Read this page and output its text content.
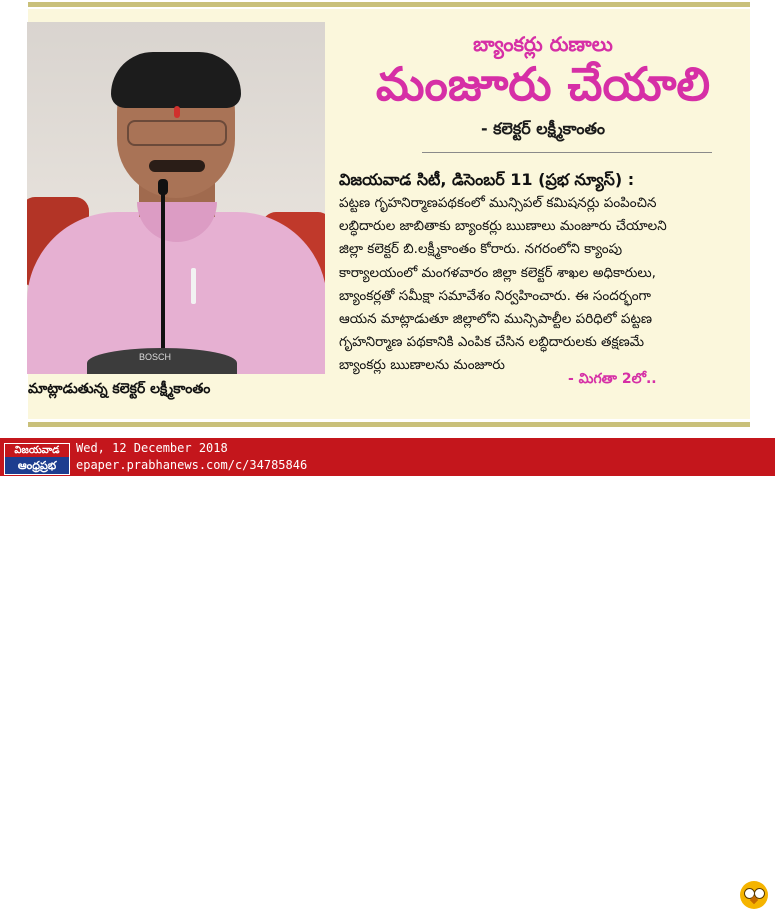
BOSCH
మాట్లాడుతున్న కలెక్టర్ లక్ష్మీకాంతం
బ్యాంకర్లు రుణాలు
మంజూరు చేయాలి
- కలెక్టర్ లక్ష్మీకాంతం
విజయవాడ సిటీ, డిసెంబర్ 11 (ప్రభ న్యూస్) :
పట్టణ గృహనిర్మాణపథకంలో మున్సిపల్ కమిషనర్లు పంపించిన
లబ్ధిదారుల జాబితాకు బ్యాంకర్లు ఋణాలు మంజూరు చేయాలని
జిల్లా కలెక్టర్ బి.లక్ష్మీకాంతం కోరారు. నగరంలోని క్యాంపు
కార్యాలయంలో మంగళవారం జిల్లా కలెక్టర్ శాఖల అధికారులు,
బ్యాంకర్లతో సమీక్షా సమావేశం నిర్వహించారు. ఈ సందర్భంగా
ఆయన మాట్లాడుతూ జిల్లాలోని మున్సిపాల్టీల పరిధిలో పట్టణ
గృహనిర్మాణ పథకానికి ఎంపిక చేసిన లబ్ధిదారులకు తక్షణమే
బ్యాంకర్లు ఋణాలను మంజూరు
- మిగతా 2లో..
విజయవాడ
ఆంధ్రప్రభ
Wed, 12 December 2018
epaper.prabhanews.com/c/34785846
